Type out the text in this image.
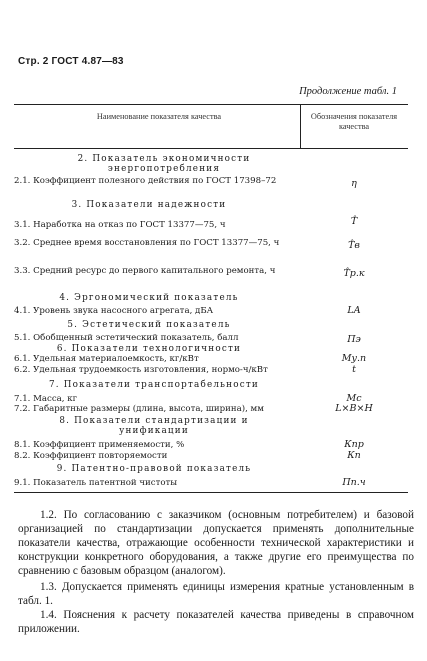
Стр. 2 ГОСТ 4.87—83
Продолжение табл. 1
Наименование показателя качества	Обозначения показателя качества
2. Показатель экономичности энергопотребления
2.1. Коэффициент полезного действия по ГОСТ 17398–72	η
3. Показатели надежности
3.1. Наработка на отказ по ГОСТ 13377—75, ч	T̂
3.2. Среднее время восстановления по ГОСТ 13377—75, ч	T̂в
3.3. Средний ресурс до первого капитального ремонта, ч	T̂р.к
4. Эргономический показатель
4.1. Уровень звука насосного агрегата, дБА	LA
5. Эстетический показатель
5.1. Обобщенный эстетический показатель, балл	Пэ
6. Показатели технологичности
6.1. Удельная материалоемкость, кг/кВт	Му.п
6.2. Удельная трудоемкость изготовления, нормо-ч/кВт	t
7. Показатели транспортабельности
7.1. Масса, кг	Мс
7.2. Габаритные размеры (длина, высота, ширина), мм	L×B×H
8. Показатели стандартизации и унификации
8.1. Коэффициент применяемости, %	Кпр
8.2. Коэффициент повторяемости	Кп
9. Патентно-правовой показатель
9.1. Показатель патентной чистоты	Пп.ч
1.2. По согласованию с заказчиком (основным потребителем) и базовой организацией по стандартизации допускается применять дополнительные показатели качества, отражающие особенности технической характеристики и конструкции конкретного оборудования, а также другие его преимущества по сравнению с базовым образцом (аналогом).
1.3. Допускается применять единицы измерения кратные установленным в табл. 1.
1.4. Пояснения к расчету показателей качества приведены в справочном приложении.
